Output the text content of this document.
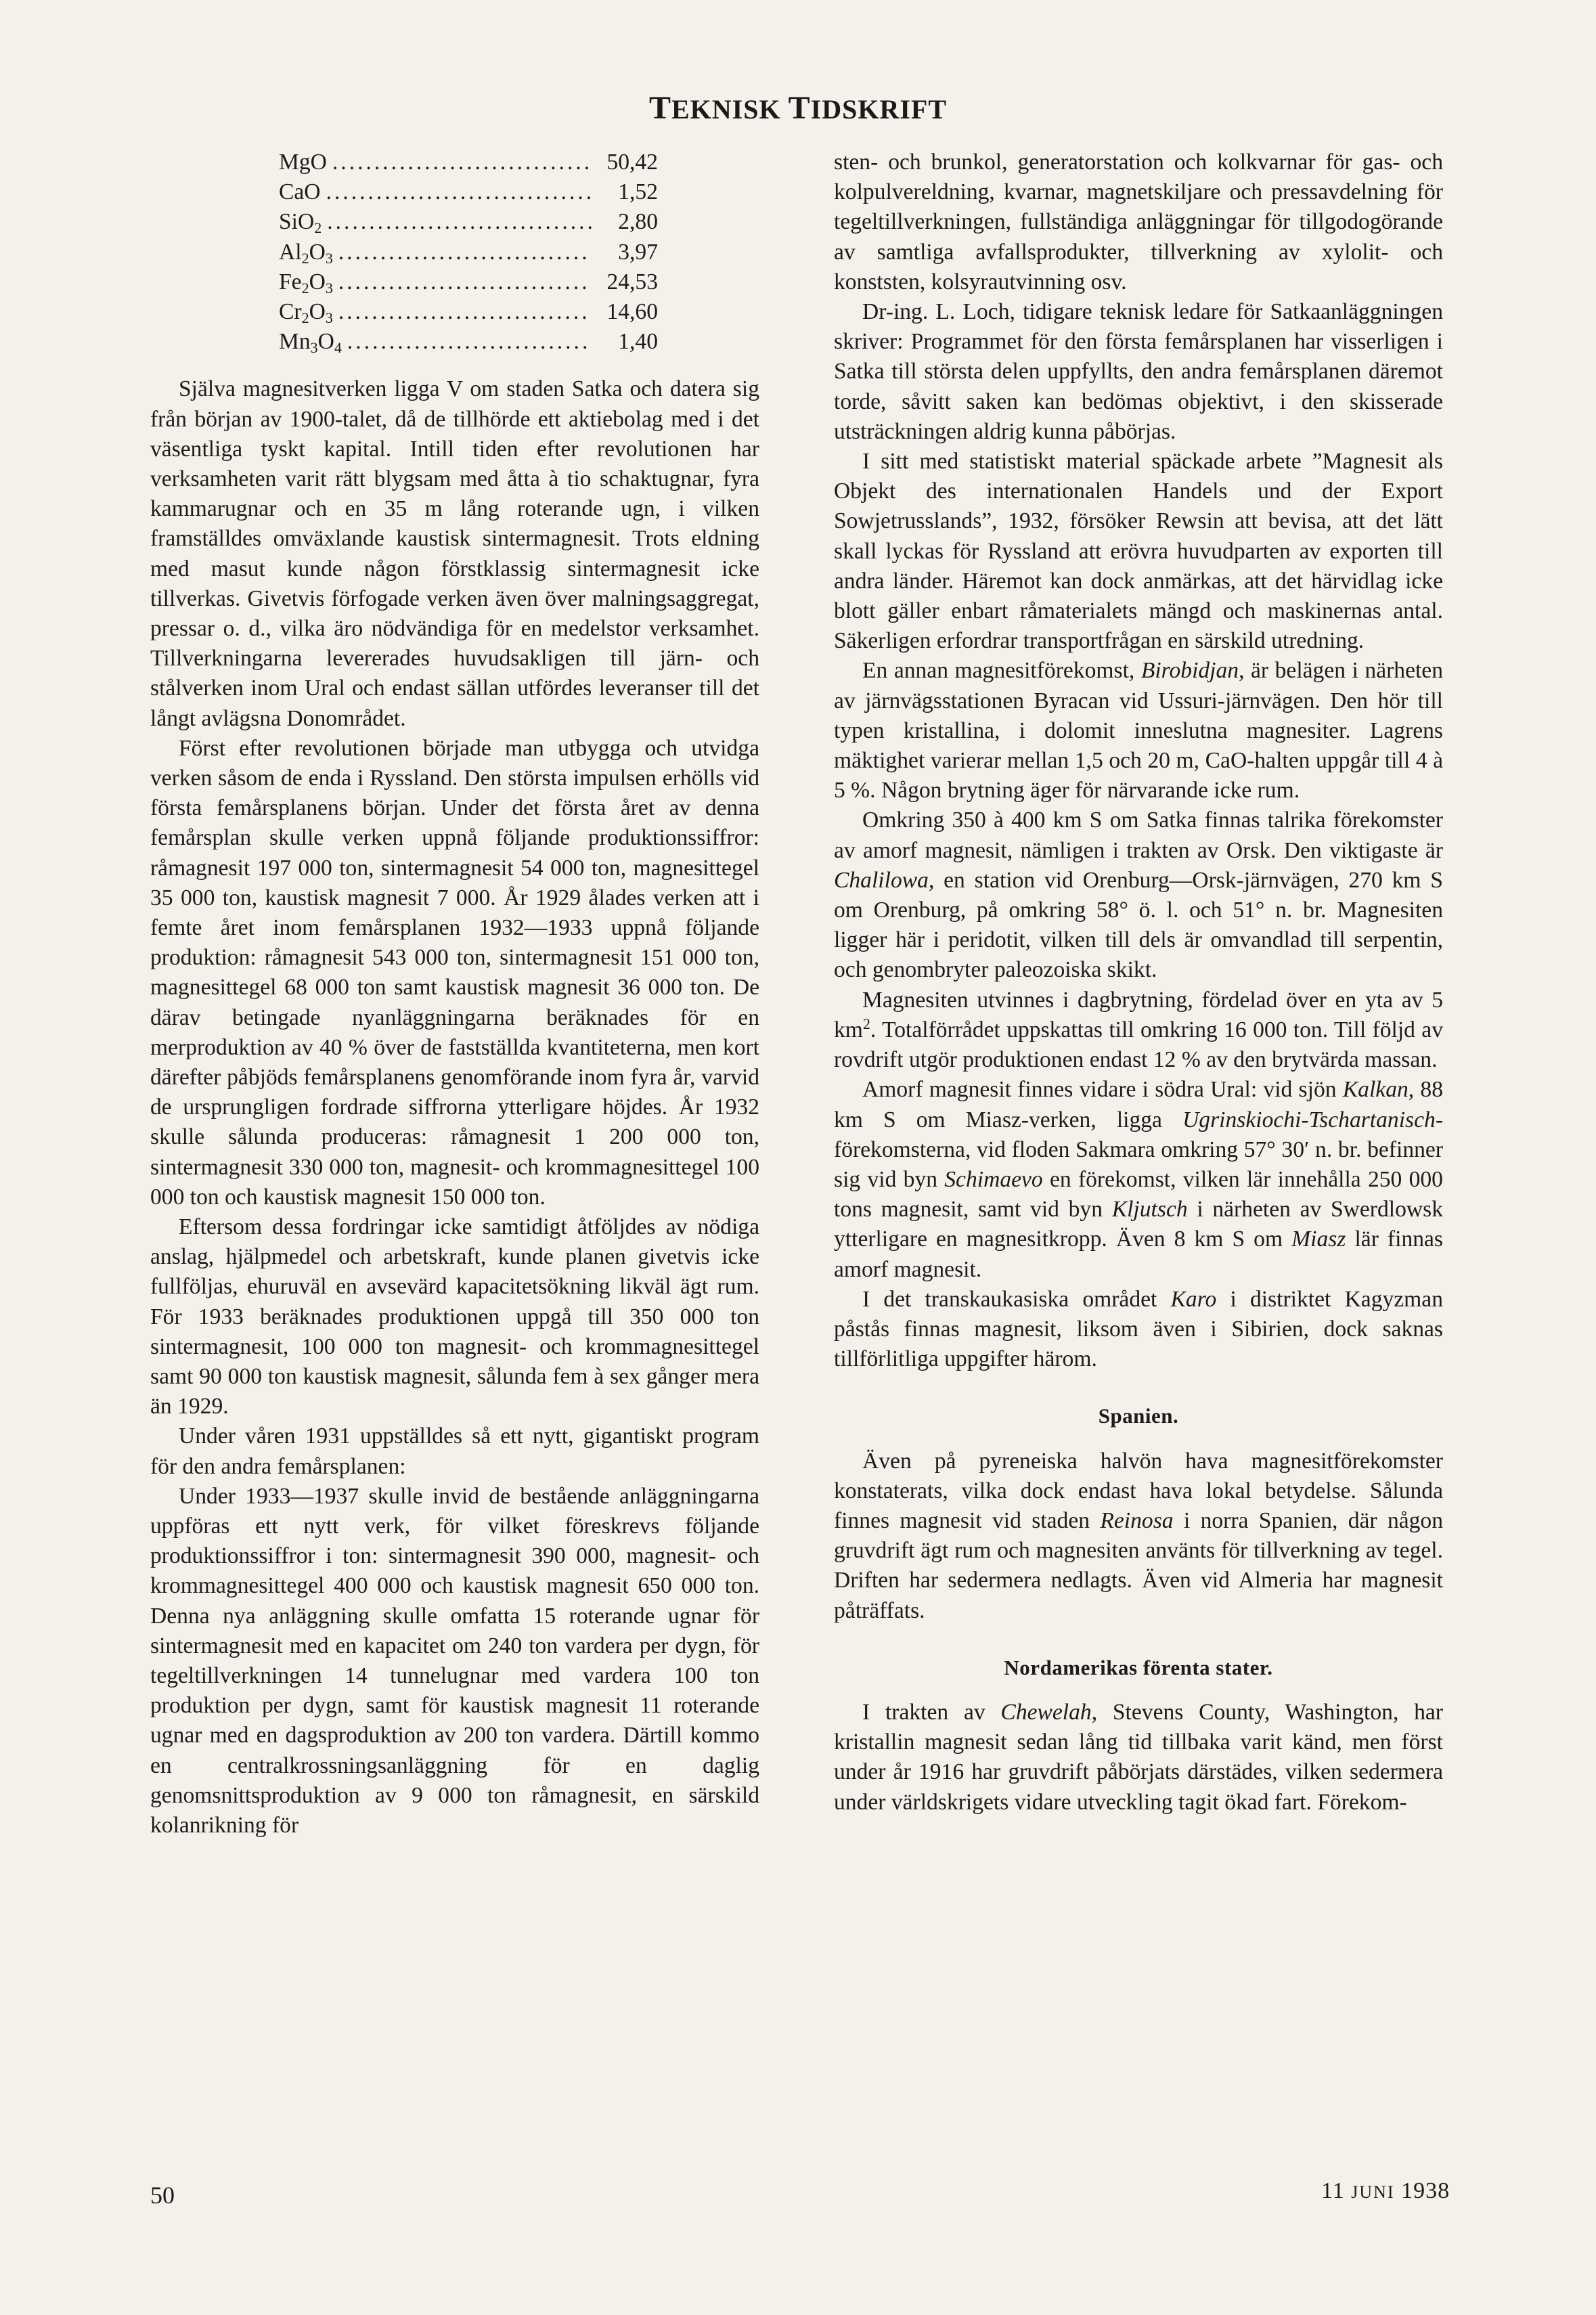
TEKNISK TIDSKRIFT
MgO .....	50,42
CaO .....	1,52
SiO$_2$ .....	2,80
$Al_2O_3$ .....	3,97
$Fe_2O_3$ .....	24,53
$Cr_2O_3$ .....	14,60
$Mn_3O_4$ .....	1,40

Själva magnesitverken ligga V om staden Satka och datera sig från början av 1900-talet, då de tillhörde ett aktiebolag med i det väsentliga tyskt kapital. Intill tiden efter revolutionen har verksamheten varit rätt blygsam med åtta à tio schaktugnar, fyra kammarugnar och en 35 m lång roterande ugn, i vilken framställdes omväxlande kaustisk sintermagnesit. Trots eldning med masut kunde någon förstklassig sintermagnesit icke tillverkas. Givetvis förfogade verken även över malningsaggregat, pressar o. d., vilka äro nödvändiga för en medelstor verksamhet. Tillverkningarna levererades huvudsakligen till järn- och stålverken inom Ural och endast sällan utfördes leveranser till det långt avlägsna Donområdet.

Först efter revolutionen började man utbygga och utvidga verken såsom de enda i Ryssland. Den största impulsen erhölls vid första femårsplanens början. Under det första året av denna femårsplan skulle verken uppnå följande produktionssiffror: råmagnesit 197 000 ton, sintermagnesit 54 000 ton, magnesittegel 35 000 ton, kaustisk magnesit 7 000. År 1929 ålades verken att i femte året inom femårsplanen 1932—1933 uppnå följande produktion: råmagnesit 543 000 ton, sintermagnesit 151 000 ton, magnesittegel 68 000 ton samt kaustisk magnesit 36 000 ton. De därav betingade nyanläggningarna beräknades för en merproduktion av 40 % över de fastställda kvantiteterna, men kort därefter påbjöds femårsplanens genomförande inom fyra år, varvid de ursprungligen fordrade siffrorna ytterligare höjdes. År 1932 skulle sålunda produceras: råmagnesit 1 200 000 ton, sintermagnesit 330 000 ton, magnesit- och krommagnesittegel 100 000 ton och kaustisk magnesit 150 000 ton.

Eftersom dessa fordringar icke samtidigt åtföljdes av nödiga anslag, hjälpmedel och arbetskraft, kunde planen givetvis icke fullföljas, ehuruväl en avsevärd kapacitetsökning likväl ägt rum. För 1933 beräknades produktionen uppgå till 350 000 ton sintermagnesit, 100 000 ton magnesit- och krommagnesittegel samt 90 000 ton kaustisk magnesit, sålunda fem à sex gånger mera än 1929.

Under våren 1931 uppställdes så ett nytt, gigantiskt program för den andra femårsplanen:

Under 1933—1937 skulle invid de bestående anläggningarna uppföras ett nytt verk, för vilket föreskrevs följande produktionssiffror i ton: sintermagnesit 390 000, magnesit- och krommagnesittegel 400 000 och kaustisk magnesit 650 000 ton. Denna nya anläggning skulle omfatta 15 roterande ugnar för sintermagnesit med en kapacitet om 240 ton vardera per dygn, för tegeltillverkningen 14 tunnelugnar med vardera 100 ton produktion per dygn, samt för kaustisk magnesit 11 roterande ugnar med en dagsproduktion av 200 ton vardera. Därtill kommo en centralkrossningsanläggning för en daglig genomsnittsproduktion av 9 000 ton råmagnesit, en särskild kolanrikning för

sten- och brunkol, generatorstation och kolkvarnar för gas- och kolpulvereldning, kvarnar, magnetskiljare och pressavdelning för tegeltillverkningen, fullständiga anläggningar för tillgodogörande av samtliga avfallsprodukter, tillverkning av xylolit- och konststen, kolsyrautvinning osv.

Dr-ing. L. Loch, tidigare teknisk ledare för Satkaanläggningen skriver: Programmet för den första femårsplanen har visserligen i Satka till största delen uppfyllts, den andra femårsplanen däremot torde, såvitt saken kan bedömas objektivt, i den skisserade utsträckningen aldrig kunna påbörjas.

I sitt med statistiskt material späckade arbete ”Magnesit als Objekt des internationalen Handels und der Export Sowjetrusslands”, 1932, försöker Rewsin att bevisa, att det lätt skall lyckas för Ryssland att erövra huvudparten av exporten till andra länder. Häremot kan dock anmärkas, att det härvidlag icke blott gäller enbart råmaterialets mängd och maskinernas antal. Säkerligen erfordrar transportfrågan en särskild utredning.

En annan magnesitförekomst, Birobidjan, är belägen i närheten av järnvägsstationen Byracan vid Ussuri-järnvägen. Den hör till typen kristallina, i dolomit inneslutna magnesiter. Lagrens mäktighet varierar mellan 1,5 och 20 m, CaO-halten uppgår till 4 à 5 %. Någon brytning äger för närvarande icke rum.

Omkring 350 à 400 km S om Satka finnas talrika förekomster av amorf magnesit, nämligen i trakten av Orsk. Den viktigaste är Chalilowa, en station vid Orenburg—Orsk-järnvägen, 270 km S om Orenburg, på omkring 58° ö. l. och 51° n. br. Magnesiten ligger här i peridotit, vilken till dels är omvandlad till serpentin, och genombryter paleozoiska skikt.

Magnesiten utvinnes i dagbrytning, fördelad över en yta av 5 $km^2$. Totalförrådet uppskattas till omkring 16 000 ton. Till följd av rovdrift utgör produktionen endast 12 % av den brytvärda massan.

Amorf magnesit finnes vidare i södra Ural: vid sjön Kalkan, 88 km S om Miasz-verken, ligga Ugrinskiochi-Tschartanisch-förekomsterna, vid floden Sakmara omkring 57° 30′ n. br. befinner sig vid byn Schimaevo en förekomst, vilken lär innehålla 250 000 tons magnesit, samt vid byn Kljutsch i närheten av Swerdlowsk ytterligare en magnesitkropp. Även 8 km S om Miasz lär finnas amorf magnesit.

I det transkaukasiska området Karo i distriktet Kagyzman påstås finnas magnesit, liksom även i Sibirien, dock saknas tillförlitliga uppgifter härom.

Spanien.

Även på pyreneiska halvön hava magnesitförekomster konstaterats, vilka dock endast hava lokal betydelse. Sålunda finnes magnesit vid staden Reinosa i norra Spanien, där någon gruvdrift ägt rum och magnesiten använts för tillverkning av tegel. Driften har sedermera nedlagts. Även vid Almeria har magnesit påträffats.

Nordamerikas förenta stater.

I trakten av Chewelah, Stevens County, Washington, har kristallin magnesit sedan lång tid tillbaka varit känd, men först under år 1916 har gruvdrift påbörjats därstädes, vilken sedermera under världskrigets vidare utveckling tagit ökad fart. Förekom-

50	11 JUNI 1938
